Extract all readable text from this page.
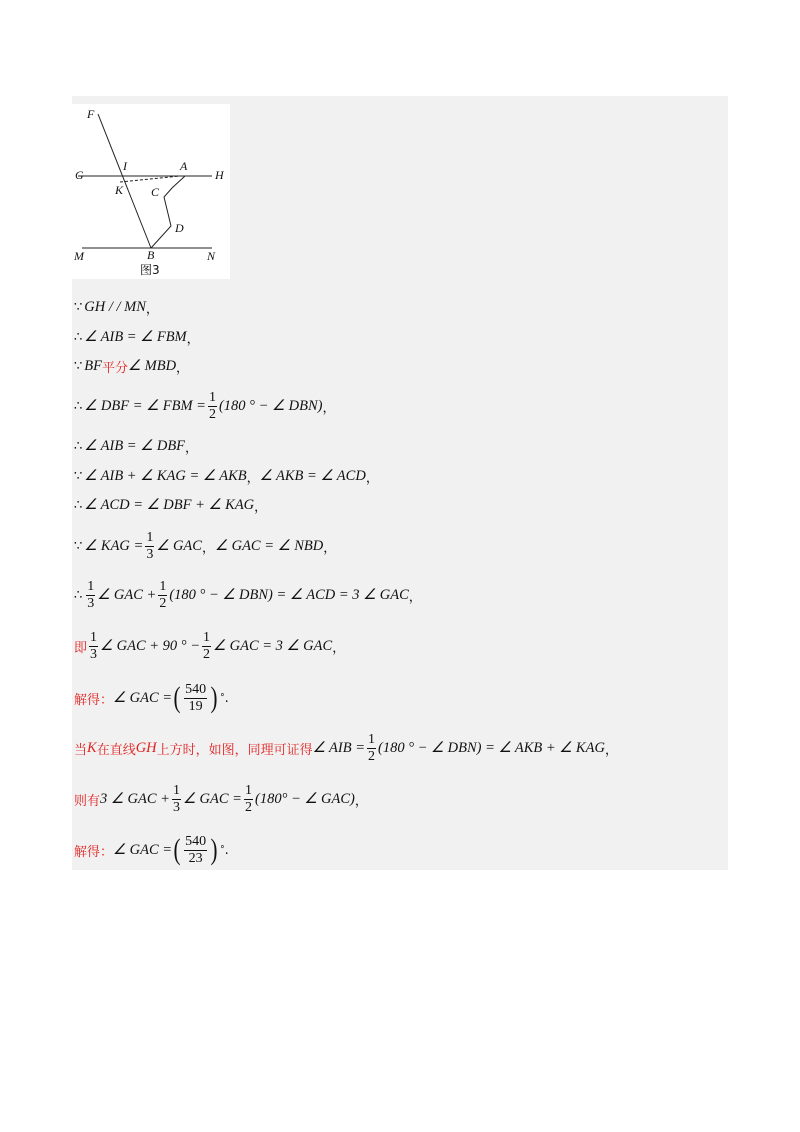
F
G	H
I	A
K C
D
M	B	N
图3
∵ GH / / MN ，
∴ ∠ AIB = ∠ FBM ，
∵ BF 平分 ∠ MBD ，
∴ ∠ DBF = ∠ FBM = $\frac{1}{2} (180$ ° − ∠ DBN) ，
∴ ∠ AIB = ∠ DBF ，
∵ ∠ AIB + ∠ KAG = ∠ AKB ， ∠ AKB = ∠ ACD ，
∴ ∠ ACD = ∠ DBF + ∠ KAG ，
∵ ∠ KAG = $\frac{1}{3}$ ∠ GAC ， ∠ GAC = ∠ NBD ，
∴ $\frac{1}{3}$ ∠ GAC + $\frac{1}{2} (180$ ° − ∠ DBN) = ∠ ACD = 3 ∠ GAC ，
即 $\frac{1}{3}$ ∠ GAC + 90 ° − $\frac{1}{2}$ ∠ GAC = 3 ∠ GAC ，
解得： ∠ GAC = ( $\frac{540}{19}$ ) ° .
当 K 在直线 GH 上方时，如图，同理可证得 ∠ AIB = $\frac{1}{2} (180$ ° − ∠ DBN) = ∠ AKB + ∠ KAG ，
则有 3 ∠ GAC + $\frac{1}{3}$ ∠ GAC = $\frac{1}{2} (180^\circ$ − ∠ GAC) ，
解得： ∠ GAC = ( $\frac{540}{23}$ ) ° .
